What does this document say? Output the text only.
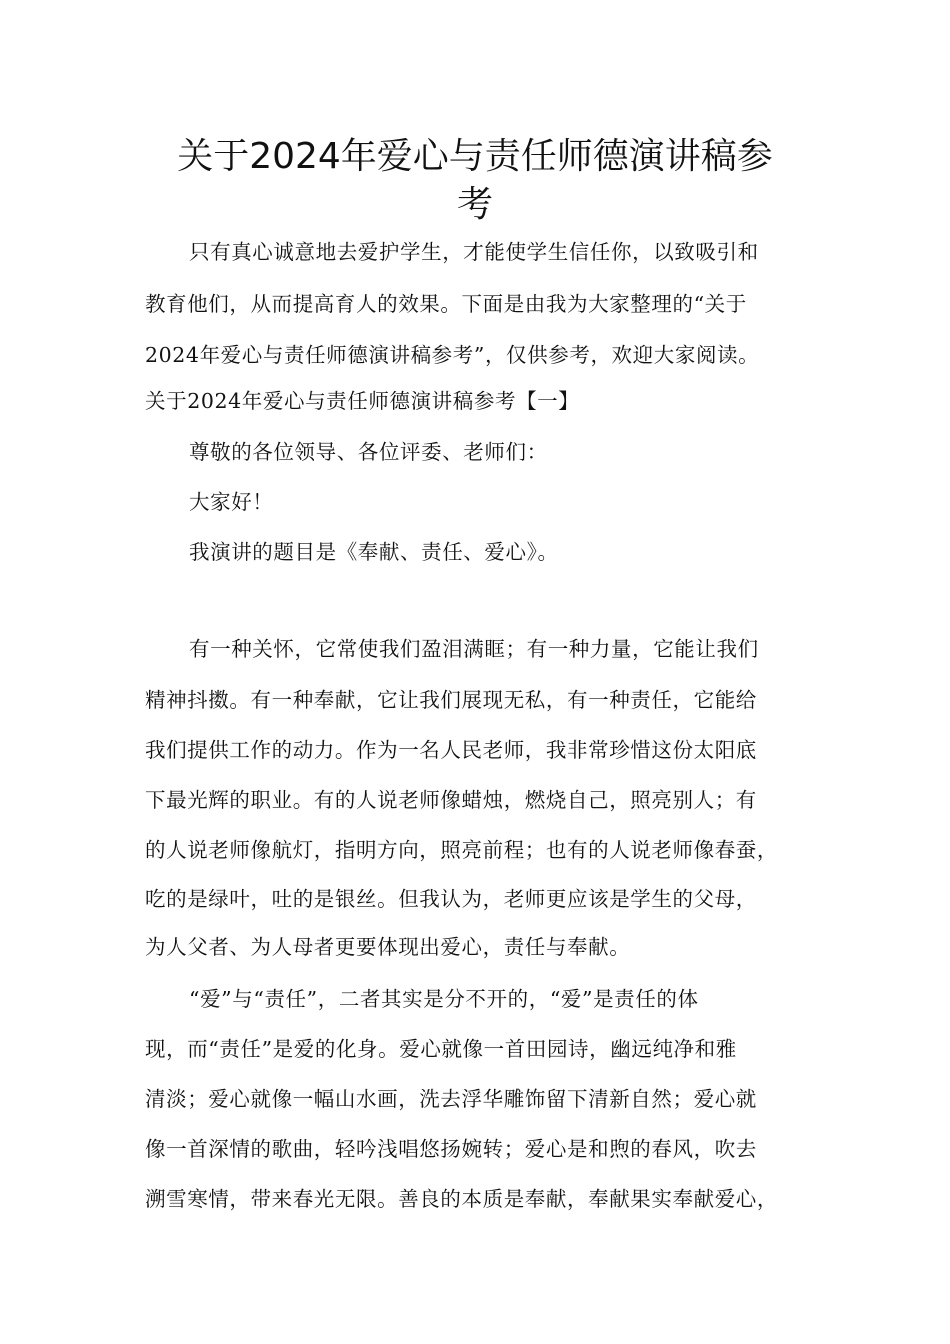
关于2024年爱心与责任师德演讲稿参
考
只有真心诚意地去爱护学生，才能使学生信任你，以致吸引和
教育他们，从而提高育人的效果。下面是由我为大家整理的“关于
2024年爱心与责任师德演讲稿参考”，仅供参考，欢迎大家阅读。
关于2024年爱心与责任师德演讲稿参考【一】
尊敬的各位领导、各位评委、老师们：
大家好！
我演讲的题目是《奉献、责任、爱心》。
有一种关怀，它常使我们盈泪满眶；有一种力量，它能让我们
精神抖擞。有一种奉献，它让我们展现无私，有一种责任，它能给
我们提供工作的动力。作为一名人民老师，我非常珍惜这份太阳底
下最光辉的职业。有的人说老师像蜡烛，燃烧自己，照亮别人；有
的人说老师像航灯，指明方向，照亮前程；也有的人说老师像春蚕，
吃的是绿叶，吐的是银丝。但我认为，老师更应该是学生的父母，
为人父者、为人母者更要体现出爱心，责任与奉献。
“爱”与“责任”，二者其实是分不开的，“爱”是责任的体
现，而“责任”是爱的化身。爱心就像一首田园诗，幽远纯净和雅
清淡；爱心就像一幅山水画，洗去浮华雕饰留下清新自然；爱心就
像一首深情的歌曲，轻吟浅唱悠扬婉转；爱心是和煦的春风，吹去
溯雪寒情，带来春光无限。善良的本质是奉献，奉献果实奉献爱心，
